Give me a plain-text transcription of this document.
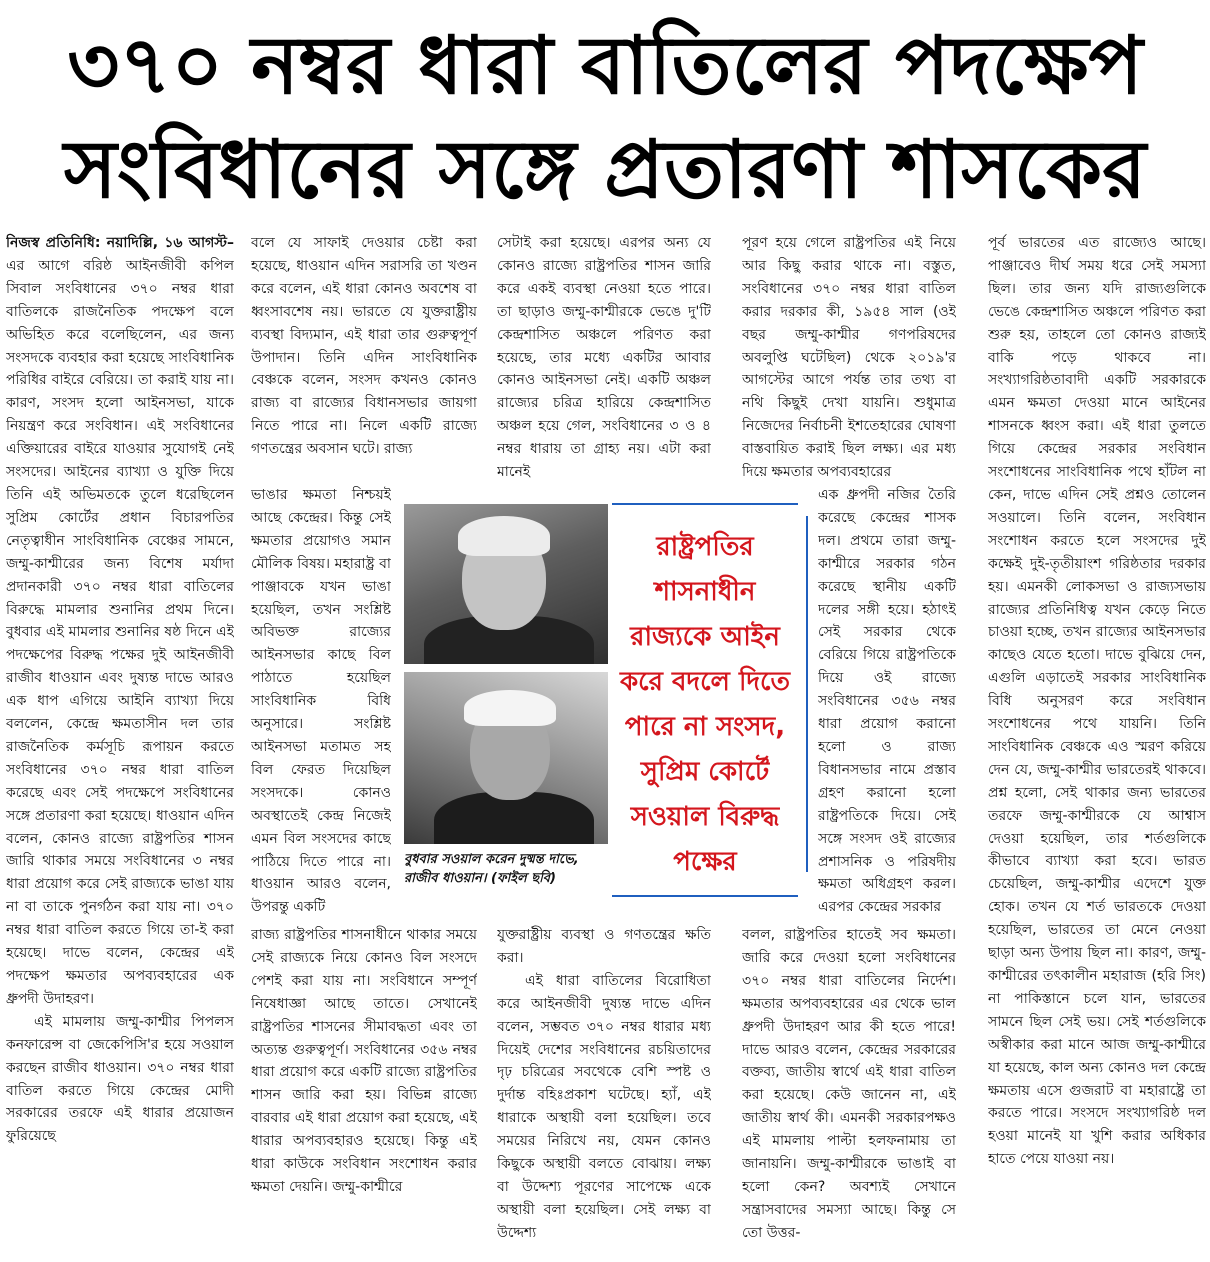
৩৭০ নম্বর ধারা বাতিলের পদক্ষেপ
সংবিধানের সঙ্গে প্রতারণা শাসকের

নিজস্ব প্রতিনিধি: নয়াদিল্লি, ১৬ আগস্ট–এর আগে বরিষ্ঠ আইনজীবী কপিল সিবাল সংবিধানের ৩৭০ নম্বর ধারা বাতিলকে রাজনৈতিক পদক্ষেপ বলে অভিহিত করে বলেছিলেন, এর জন্য সংসদকে ব্যবহার করা হয়েছে সাংবিধানিক পরিধির বাইরে বেরিয়ে। তা করাই যায় না। কারণ, সংসদ হলো আইনসভা, যাকে নিয়ন্ত্রণ করে সংবিধান। এই সংবিধানের এক্তিয়ারের বাইরে যাওয়ার সুযোগই নেই সংসদের। আইনের ব্যাখ্যা ও যুক্তি দিয়ে তিনি এই অভিমতকে তুলে ধরেছিলেন সুপ্রিম কোর্টের প্রধান বিচারপতির নেতৃত্বাধীন সাংবিধানিক বেঞ্চের সামনে, জম্মু-কাশ্মীরের জন্য বিশেষ মর্যাদা প্রদানকারী ৩৭০ নম্বর ধারা বাতিলের বিরুদ্ধে মামলার শুনানির প্রথম দিনে। বুধবার এই মামলার শুনানির ষষ্ঠ দিনে এই পদক্ষেপের বিরুদ্ধ পক্ষের দুই আইনজীবী রাজীব ধাওয়ান এবং দুষ্যন্ত দাভে আরও এক ধাপ এগিয়ে আইনি ব্যাখ্যা দিয়ে বললেন, কেন্দ্রে ক্ষমতাসীন দল তার রাজনৈতিক কর্মসূচি রূপায়ন করতে সংবিধানের ৩৭০ নম্বর ধারা বাতিল করেছে এবং সেই পদক্ষেপে সংবিধানের সঙ্গে প্রতারণা করা হয়েছে। ধাওয়ান এদিন বলেন, কোনও রাজ্যে রাষ্ট্রপতির শাসন জারি থাকার সময়ে সংবিধানের ৩ নম্বর ধারা প্রয়োগ করে সেই রাজ্যকে ভাঙা যায় না বা তাকে পুনর্গঠন করা যায় না। ৩৭০ নম্বর ধারা বাতিল করতে গিয়ে তা-ই করা হয়েছে। দাভে বলেন, কেন্দ্রের এই পদক্ষেপ ক্ষমতার অপব্যবহারের এক ধ্রুপদী উদাহরণ।

এই মামলায় জম্মু-কাশ্মীর পিপলস কনফারেন্স বা জেকেপিসি'র হয়ে সওয়াল করছেন রাজীব ধাওয়ান। ৩৭০ নম্বর ধারা বাতিল করতে গিয়ে কেন্দ্রের মোদী সরকারের তরফে এই ধারার প্রয়োজন ফুরিয়েছে

বলে যে সাফাই দেওয়ার চেষ্টা করা হয়েছে, ধাওয়ান এদিন সরাসরি তা খণ্ডন করে বলেন, এই ধারা কোনও অবশেষ বা ধ্বংসাবশেষ নয়। ভারতে যে যুক্তরাষ্ট্রীয় ব্যবস্থা বিদ্যমান, এই ধারা তার গুরুত্বপূর্ণ উপাদান। তিনি এদিন সাংবিধানিক বেঞ্চকে বলেন, সংসদ কখনও কোনও রাজ্য বা রাজ্যের বিধানসভার জায়গা নিতে পারে না। নিলে একটি রাজ্যে গণতন্ত্রের অবসান ঘটে। রাজ্য
ভাঙার ক্ষমতা নিশ্চয়ই আছে কেন্দ্রের। কিন্তু সেই ক্ষমতার প্রয়োগও সমান মৌলিক বিষয়। মহারাষ্ট্র বা পাঞ্জাবকে যখন ভাঙা হয়েছিল, তখন সংশ্লিষ্ট অবিভক্ত রাজ্যের আইনসভার কাছে বিল পাঠাতে হয়েছিল সাংবিধানিক বিধি অনুসারে। সংশ্লিষ্ট আইনসভা মতামত সহ বিল ফেরত দিয়েছিল সংসদকে। কোনও অবস্থাতেই কেন্দ্র নিজেই এমন বিল সংসদের কাছে পাঠিয়ে দিতে পারে না। ধাওয়ান আরও বলেন, উপরন্তু একটি
রাজ্য রাষ্ট্রপতির শাসনাধীনে থাকার সময়ে সেই রাজ্যকে নিয়ে কোনও বিল সংসদে পেশই করা যায় না। সংবিধানে সম্পূর্ণ নিষেধাজ্ঞা আছে তাতে। সেখানেই রাষ্ট্রপতির শাসনের সীমাবদ্ধতা এবং তা অত্যন্ত গুরুত্বপূর্ণ। সংবিধানের ৩৫৬ নম্বর ধারা প্রয়োগ করে একটি রাজ্যে রাষ্ট্রপতির শাসন জারি করা হয়। বিভিন্ন রাজ্যে বারবার এই ধারা প্রয়োগ করা হয়েছে, এই ধারার অপব্যবহারও হয়েছে। কিন্তু এই ধারা কাউকে সংবিধান সংশোধন করার ক্ষমতা দেয়নি। জম্মু-কাশ্মীরে
সেটাই করা হয়েছে। এরপর অন্য যে কোনও রাজ্যে রাষ্ট্রপতির শাসন জারি করে একই ব্যবস্থা নেওয়া হতে পারে। তা ছাড়াও জম্মু-কাশ্মীরকে ভেঙে দু'টি কেন্দ্রশাসিত অঞ্চলে পরিণত করা হয়েছে, তার মধ্যে একটির আবার কোনও আইনসভা নেই। একটি অঞ্চল রাজ্যের চরিত্র হারিয়ে কেন্দ্রশাসিত অঞ্চল হয়ে গেল, সংবিধানের ৩ ও ৪ নম্বর ধারায় তা গ্রাহ্য নয়। এটা করা মানেই

যুক্তরাষ্ট্রীয় ব্যবস্থা ও গণতন্ত্রের ক্ষতি করা।

এই ধারা বাতিলের বিরোধিতা করে আইনজীবী দুষ্যন্ত দাভে এদিন বলেন, সম্ভবত ৩৭০ নম্বর ধারার মধ্য দিয়েই দেশের সংবিধানের রচয়িতাদের দৃঢ় চরিত্রের সবথেকে বেশি স্পষ্ট ও দুর্দান্ত বহিঃপ্রকাশ ঘটেছে। হ্যাঁ, এই ধারাকে অস্থায়ী বলা হয়েছিল। তবে সময়ের নিরিখে নয়, যেমন কোনও কিছুকে অস্থায়ী বলতে বোঝায়। লক্ষ্য বা উদ্দেশ্য পূরণের সাপেক্ষে একে অস্থায়ী বলা হয়েছিল। সেই লক্ষ্য বা উদ্দেশ্য

পূরণ হয়ে গেলে রাষ্ট্রপতির এই নিয়ে আর কিছু করার থাকে না। বস্তুত, সংবিধানের ৩৭০ নম্বর ধারা বাতিল করার দরকার কী, ১৯৫৪ সাল (ওই বছর জম্মু-কাশ্মীর গণপরিষদের অবলুপ্তি ঘটেছিল) থেকে ২০১৯'র আগস্টের আগে পর্যন্ত তার তথ্য বা নথি কিছুই দেখা যায়নি। শুধুমাত্র নিজেদের নির্বাচনী ইশতেহারের ঘোষণা বাস্তবায়িত করাই ছিল লক্ষ্য। এর মধ্য দিয়ে ক্ষমতার অপব্যবহারের
এক ধ্রুপদী নজির তৈরি করেছে কেন্দ্রের শাসক দল। প্রথমে তারা জম্মু-কাশ্মীরে সরকার গঠন করেছে স্থানীয় একটি দলের সঙ্গী হয়ে। হঠাৎই সেই সরকার থেকে বেরিয়ে গিয়ে রাষ্ট্রপতিকে দিয়ে ওই রাজ্যে সংবিধানের ৩৫৬ নম্বর ধারা প্রয়োগ করানো হলো ও রাজ্য বিধানসভার নামে প্রস্তাব গ্রহণ করানো হলো রাষ্ট্রপতিকে দিয়ে। সেই সঙ্গে সংসদ ওই রাজ্যের প্রশাসনিক ও পরিষদীয় ক্ষমতা অধিগ্রহণ করল। এরপর কেন্দ্রের সরকার
বলল, রাষ্ট্রপতির হাতেই সব ক্ষমতা। জারি করে দেওয়া হলো সংবিধানের ৩৭০ নম্বর ধারা বাতিলের নির্দেশ। ক্ষমতার অপব্যবহারের এর থেকে ভাল ধ্রুপদী উদাহরণ আর কী হতে পারে! দাভে আরও বলেন, কেন্দ্রের সরকারের বক্তব্য, জাতীয় স্বার্থে এই ধারা বাতিল করা হয়েছে। কেউ জানেন না, এই জাতীয় স্বার্থ কী। এমনকী সরকারপক্ষও এই মামলায় পাল্টা হলফনামায় তা জানায়নি। জম্মু-কাশ্মীরকে ভাঙাই বা হলো কেন? অবশ্যই সেখানে সন্ত্রাসবাদের সমস্যা আছে। কিন্তু সে তো উত্তর-
পূর্ব ভারতের এত রাজ্যেও আছে। পাঞ্জাবেও দীর্ঘ সময় ধরে সেই সমস্যা ছিল। তার জন্য যদি রাজ্যগুলিকে ভেঙে কেন্দ্রশাসিত অঞ্চলে পরিণত করা শুরু হয়, তাহলে তো কোনও রাজ্যই বাকি পড়ে থাকবে না। সংখ্যাগরিষ্ঠতাবাদী একটি সরকারকে এমন ক্ষমতা দেওয়া মানে আইনের শাসনকে ধ্বংস করা। এই ধারা তুলতে গিয়ে কেন্দ্রের সরকার সংবিধান সংশোধনের সাংবিধানিক পথে হাঁটল না কেন, দাভে এদিন সেই প্রশ্নও তোলেন সওয়ালে। তিনি বলেন, সংবিধান সংশোধন করতে হলে সংসদের দুই কক্ষেই দুই-তৃতীয়াংশ গরিষ্ঠতার দরকার হয়। এমনকী লোকসভা ও রাজ্যসভায় রাজ্যের প্রতিনিধিত্ব যখন কেড়ে নিতে চাওয়া হচ্ছে, তখন রাজ্যের আইনসভার কাছেও যেতে হতো। দাভে বুঝিয়ে দেন, এগুলি এড়াতেই সরকার সাংবিধানিক বিধি অনুসরণ করে সংবিধান সংশোধনের পথে যায়নি। তিনি সাংবিধানিক বেঞ্চকে এও স্মরণ করিয়ে দেন যে, জম্মু-কাশ্মীর ভারতেরই থাকবে। প্রশ্ন হলো, সেই থাকার জন্য ভারতের তরফে জম্মু-কাশ্মীরকে যে আশ্বাস দেওয়া হয়েছিল, তার শর্তগুলিকে কীভাবে ব্যাখ্যা করা হবে। ভারত চেয়েছিল, জম্মু-কাশ্মীর এদেশে যুক্ত হোক। তখন যে শর্ত ভারতকে দেওয়া হয়েছিল, ভারতের তা মেনে নেওয়া ছাড়া অন্য উপায় ছিল না। কারণ, জম্মু-কাশ্মীরের তৎকালীন মহারাজ (হরি সিং) না পাকিস্তানে চলে যান, ভারতের সামনে ছিল সেই ভয়। সেই শর্তগুলিকে অস্বীকার করা মানে আজ জম্মু-কাশ্মীরে যা হয়েছে, কাল অন্য কোনও দল কেন্দ্রে ক্ষমতায় এসে গুজরাট বা মহারাষ্ট্রে তা করতে পারে। সংসদে সংখ্যাগরিষ্ঠ দল হওয়া মানেই যা খুশি করার অধিকার হাতে পেয়ে যাওয়া নয়।
বুধবার সওয়াল করেন দুষ্মন্ত দাভে, রাজীব ধাওয়ান। (ফাইল ছবি)
রাষ্ট্রপতির শাসনাধীন রাজ্যকে আইন করে বদলে দিতে পারে না সংসদ, সুপ্রিম কোর্টে সওয়াল বিরুদ্ধ পক্ষের
